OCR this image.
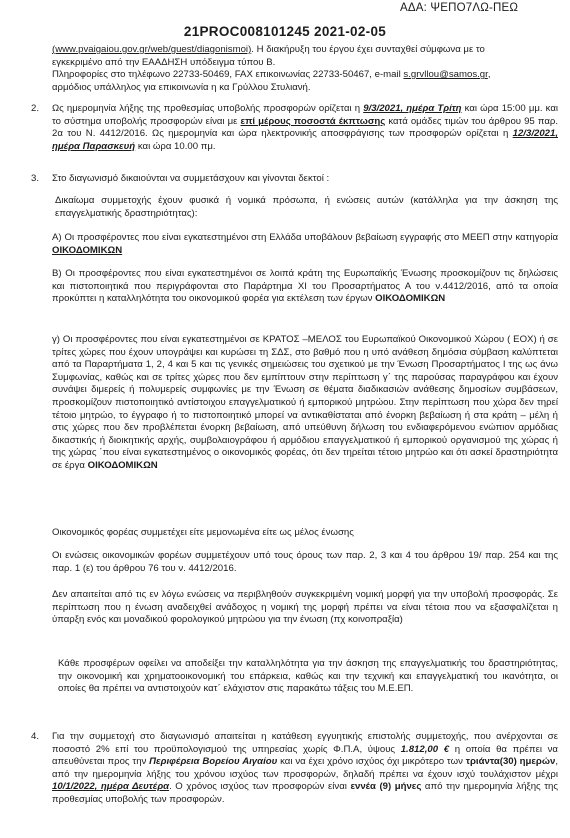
ΑΔΑ: ΨΕΠΟ7ΛΩ-ΠΕΩ
21PROC008101245 2021-02-05

(www.pvaigaiou.gov.gr/web/guest/diagonismoi). Η διακήρυξη του έργου έχει συνταχθεί σύμφωνα με το

εγκεκριμένο από την ΕΑΑΔΗΣΗ υπόδειγμα τύπου Β.

Πληροφορίες στο τηλέφωνο 22733-50469, FAX επικοινωνίας 22733-50467, e-mail s.grvllou@samos.gr,

αρμόδιος υπάλληλος για επικοινωνία η κα Γρύλλου Στυλιανή.

2. Ως ημερομηνία λήξης της προθεσμίας υποβολής προσφορών ορίζεται η 9/3/2021, ημέρα Τρίτη και ώρα 15:00 μμ. και το σύστημα υποβολής προσφορών είναι με επί μέρους ποσοστά έκπτωσης κατά ομάδες τιμών του άρθρου 95 παρ. 2α του Ν. 4412/2016. Ως ημερομηνία και ώρα ηλεκτρονικής αποσφράγισης των προσφορών ορίζεται η 12/3/2021, ημέρα Παρασκευή και ώρα 10.00 πμ.
3. Στο διαγωνισμό δικαιούνται να συμμετάσχουν και γίνονται δεκτοί :
Δικαίωμα συμμετοχής έχουν φυσικά ή νομικά πρόσωπα, ή ενώσεις αυτών (κατάλληλα για την άσκηση της επαγγελματικής δραστηριότητας):
Α) Οι προσφέροντες που είναι εγκατεστημένοι στη Ελλάδα υποβάλουν βεβαίωση εγγραφής στο ΜΕΕΠ στην κατηγορία ΟΙΚΟΔΟΜΙΚΩΝ
Β) Οι προσφέροντες που είναι εγκατεστημένοι σε λοιπά κράτη της Ευρωπαϊκής Ένωσης προσκομίζουν τις δηλώσεις και πιστοποιητικά που περιγράφονται στο Παράρτημα ΧΙ του Προσαρτήματος Α του ν.4412/2016, από τα οποία προκύπτει η καταλληλότητα του οικονομικού φορέα για εκτέλεση των έργων ΟΙΚΟΔΟΜΙΚΩΝ
γ) Οι προσφέροντες που είναι εγκατεστημένοι σε ΚΡΑΤΟΣ –ΜΕΛΟΣ του Ευρωπαϊκού Οικονομικού Χώρου ( ΕΟΧ) ή σε τρίτες χώρες που έχουν υπογράψει και κυρώσει τη ΣΔΣ, στο βαθμό που η υπό ανάθεση δημόσια σύμβαση καλύπτεται από τα Παραρτήματα 1, 2, 4 και 5 και τις γενικές σημειώσεις του σχετικού με την Ένωση Προσαρτήματος I της ως άνω Συμφωνίας, καθώς και σε τρίτες χώρες που δεν εμπίπτουν στην περίπτωση γ΄ της παρούσας παραγράφου και έχουν συνάψει διμερείς ή πολυμερείς συμφωνίες με την Ένωση σε θέματα διαδικασιών ανάθεσης δημοσίων συμβάσεων, προσκομίζουν πιστοποιητικό αντίστοιχου επαγγελματικού ή εμπορικού μητρώου. Στην περίπτωση που χώρα δεν τηρεί τέτοιο μητρώο, το έγγραφο ή το πιστοποιητικό μπορεί να αντικαθίσταται από ένορκη βεβαίωση ή στα κράτη – μέλη ή στις χώρες που δεν προβλέπεται ένορκη βεβαίωση, από υπεύθυνη δήλωση του ενδιαφερόμενου ενώπιον αρμόδιας δικαστικής ή διοικητικής αρχής, συμβολαιογράφου ή αρμόδιου επαγγελματικού ή εμπορικού οργανισμού της χώρας ή της χώρας ΄που είναι εγκατεστημένος ο οικονομικός φορέας, ότι δεν τηρείται τέτοιο μητρώο και ότι ασκεί δραστηριότητα σε έργα ΟΙΚΟΔΟΜΙΚΩΝ
Οικονομικός φορέας συμμετέχει είτε μεμονωμένα είτε ως μέλος ένωσης
Οι ενώσεις οικονομικών φορέων συμμετέχουν υπό τους όρους των παρ. 2, 3 και 4 του άρθρου 19/ παρ. 254 και της παρ. 1 (ε) του άρθρου 76 του ν. 4412/2016.
Δεν απαιτείται από τις εν λόγω ενώσεις να περιβληθούν συγκεκριμένη νομική μορφή για την υποβολή προσφοράς. Σε περίπτωση που η ένωση αναδειχθεί ανάδοχος η νομική της μορφή πρέπει να είναι τέτοια που να εξασφαλίζεται η ύπαρξη ενός και μοναδικού φορολογικού μητρώου για την ένωση (πχ κοινοπραξία)
Κάθε προσφέρων οφείλει να αποδείξει την καταλληλότητα για την άσκηση της επαγγελματικής του δραστηριότητας, την οικονομική και χρηματοοικονομική του επάρκεια, καθώς και την τεχνική και επαγγελματική του ικανότητα, οι οποίες θα πρέπει να αντιστοιχούν κατ΄ ελάχιστον στις παρακάτω τάξεις του Μ.Ε.ΕΠ.
4. Για την συμμετοχή στο διαγωνισμό απαιτείται η κατάθεση εγγυητικής επιστολής συμμετοχής, που ανέρχονται σε ποσοστό 2% επί του προϋπολογισμού της υπηρεσίας χωρίς Φ.Π.Α, ύψους 1.812,00 € η οποία θα πρέπει να απευθύνεται προς την Περιφέρεια Βορείου Αιγαίου και να έχει χρόνο ισχύος όχι μικρότερο των τριάντα(30) ημερών, από την ημερομηνία λήξης του χρόνου ισχύος των προσφορών, δηλαδή πρέπει να έχουν ισχύ τουλάχιστον μέχρι 10/1/2022, ημέρα Δευτέρα. Ο χρόνος ισχύος των προσφορών είναι εννέα (9) μήνες από την ημερομηνία λήξης της προθεσμίας υποβολής των προσφορών.
